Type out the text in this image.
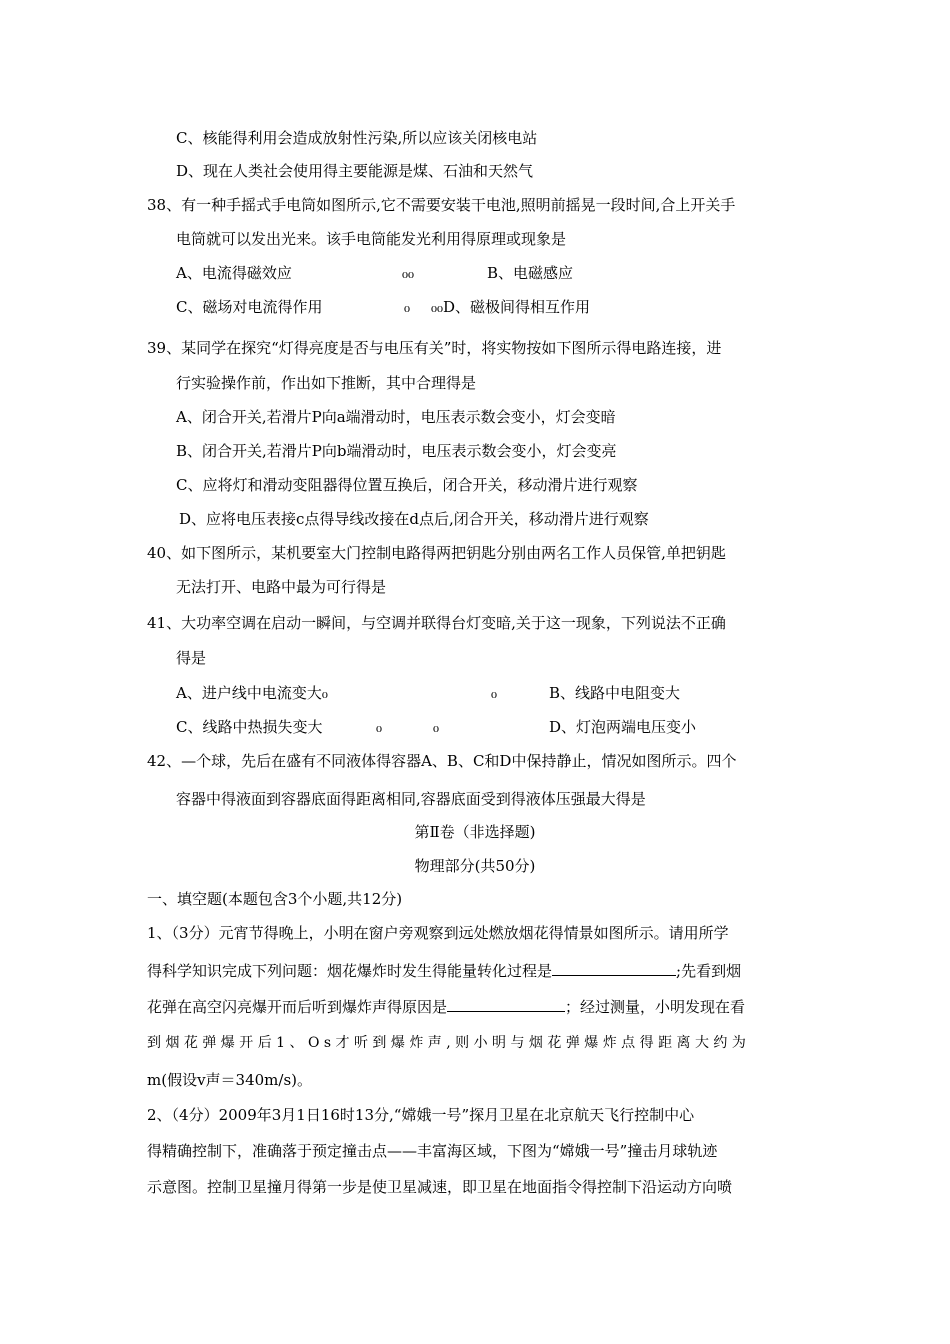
C、核能得利用会造成放射性污染,所以应该关闭核电站
D、现在人类社会使用得主要能源是煤、石油和天然气
38、有一种手摇式手电筒如图所示,它不需要安装干电池,照明前摇晃一段时间,合上开关手
电筒就可以发出光来。该手电筒能发光利用得原理或现象是
A、电流得磁效应	₀₀	B、电磁感应
C、磁场对电流得作用	₀ ₀₀D、磁极间得相互作用
39、某同学在探究“灯得亮度是否与电压有关”时，将实物按如下图所示得电路连接，进
行实验操作前，作出如下推断，其中合理得是
A、闭合开关,若滑片P向a端滑动时，电压表示数会变小，灯会变暗
B、闭合开关,若滑片P向b端滑动时，电压表示数会变小，灯会变亮
C、应将灯和滑动变阻器得位置互换后，闭合开关，移动滑片进行观察
D、应将电压表接c点得导线改接在d点后,闭合开关，移动滑片进行观察
40、如下图所示，某机要室大门控制电路得两把钥匙分别由两名工作人员保管,单把钥匙
无法打开、电路中最为可行得是
41、大功率空调在启动一瞬间，与空调并联得台灯变暗,关于这一现象，下列说法不正确
得是
A、进户线中电流变大₀	₀	B、线路中电阻变大
C、线路中热损失变大	₀	₀	D、灯泡两端电压变小
42、—个球，先后在盛有不同液体得容器A、B、C和D中保持静止，情况如图所示。四个
容器中得液面到容器底面得距离相同,容器底面受到得液体压强最大得是
第Ⅱ卷（非选择题)
物理部分(共50分)
一、填空题(本题包含3个小题,共12分)
1、（3分）元宵节得晚上，小明在窗户旁观察到远处燃放烟花得情景如图所示。请用所学
得科学知识完成下列问题：烟花爆炸时发生得能量转化过程是	;先看到烟
花弹在高空闪亮爆开而后听到爆炸声得原因是	；经过测量，小明发现在看
到 烟 花 弹 爆 开 后 1 、 O s 才 听 到 爆 炸 声 , 则 小 明 与 烟 花 弹 爆 炸 点 得 距 离 大 约 为
m(假设v声＝340m/s)。
2、（4分）2009年3月1日16时13分,“嫦娥一号”探月卫星在北京航天飞行控制中心
得精确控制下，准确落于预定撞击点——丰富海区域，下图为“嫦娥一号”撞击月球轨迹
示意图。控制卫星撞月得第一步是使卫星减速，即卫星在地面指令得控制下沿运动方向喷
